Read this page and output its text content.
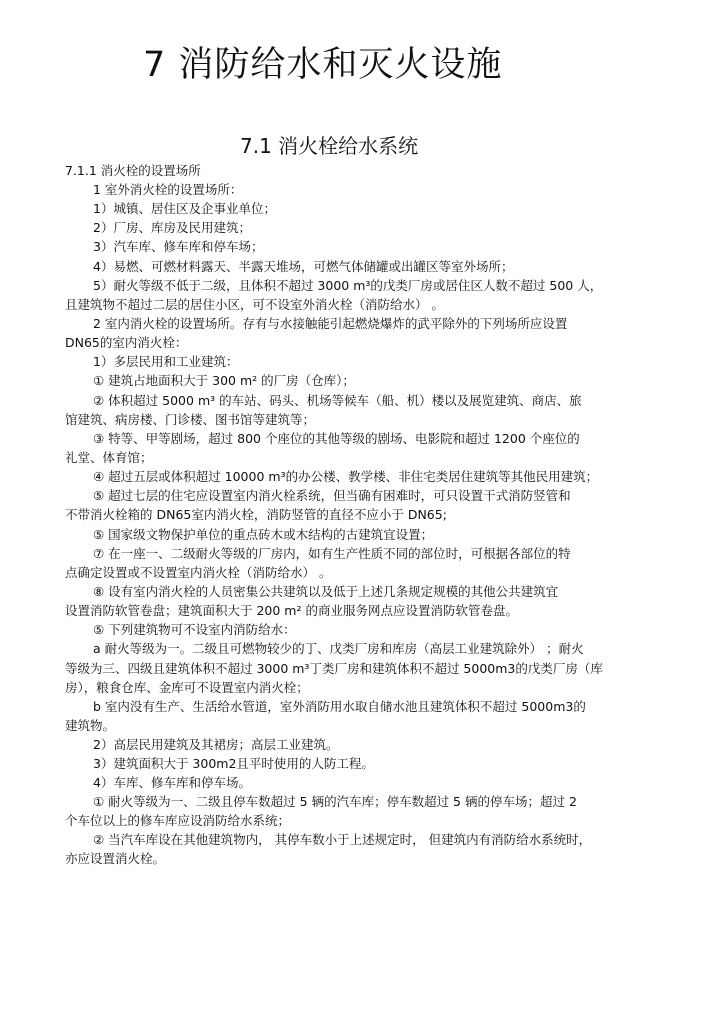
7 消防给水和灭火设施
7.1 消火栓给水系统
7.1.1 消火栓的设置场所
1 室外消火栓的设置场所：
1）城镇、居住区及企事业单位；
2）厂房、库房及民用建筑；
3）汽车库、修车库和停车场；
4）易燃、可燃材料露天、半露天堆场，可燃气体储罐或出罐区等室外场所；
5）耐火等级不低于二级，且体积不超过 3000 m³的戊类厂房或居住区人数不超过 500 人，
且建筑物不超过二层的居住小区，可不设室外消火栓（消防给水） 。
2 室内消火栓的设置场所。存有与水接触能引起燃烧爆炸的武平除外的下列场所应设置
DN65的室内消火栓：
1）多层民用和工业建筑：
① 建筑占地面积大于 300 m² 的厂房（仓库）；
② 体积超过 5000 m³ 的车站、码头、机场等候车（船、机）楼以及展览建筑、商店、旅
馆建筑、病房楼、门诊楼、图书馆等建筑等；
③ 特等、甲等剧场，超过 800 个座位的其他等级的剧场、电影院和超过 1200 个座位的
礼堂、体育馆；
④ 超过五层或体积超过 10000 m³的办公楼、教学楼、非住宅类居住建筑等其他民用建筑；
⑤ 超过七层的住宅应设置室内消火栓系统，但当确有困难时，可只设置干式消防竖管和
不带消火栓箱的 DN65室内消火栓，消防竖管的直径不应小于 DN65;
⑤ 国家级文物保护单位的重点砖木或木结构的古建筑宜设置；
⑦ 在一座一、二级耐火等级的厂房内，如有生产性质不同的部位时，可根据各部位的特
点确定设置或不设置室内消火栓（消防给水） 。
⑧ 设有室内消火栓的人员密集公共建筑以及低于上述几条规定规模的其他公共建筑宜
设置消防软管卷盘；建筑面积大于 200 m² 的商业服务网点应设置消防软管卷盘。
⑤ 下列建筑物可不设室内消防给水：
a 耐火等级为一。二级且可燃物较少的丁、戊类厂房和库房（高层工业建筑除外） ；耐火
等级为三、四级且建筑体积不超过 3000 m³丁类厂房和建筑体积不超过 5000m3的戊类厂房（库
房），粮食仓库、金库可不设置室内消火栓；
b 室内没有生产、生活给水管道，室外消防用水取自储水池且建筑体积不超过 5000m3的
建筑物。
2）高层民用建筑及其裙房；高层工业建筑。
3）建筑面积大于 300m2且平时使用的人防工程。
4）车库、修车库和停车场。
① 耐火等级为一、二级且停车数超过 5 辆的汽车库；停车数超过 5 辆的停车场；超过 2
个车位以上的修车库应设消防给水系统；
② 当汽车库设在其他建筑物内， 其停车数小于上述规定时， 但建筑内有消防给水系统时，
亦应设置消火栓。
